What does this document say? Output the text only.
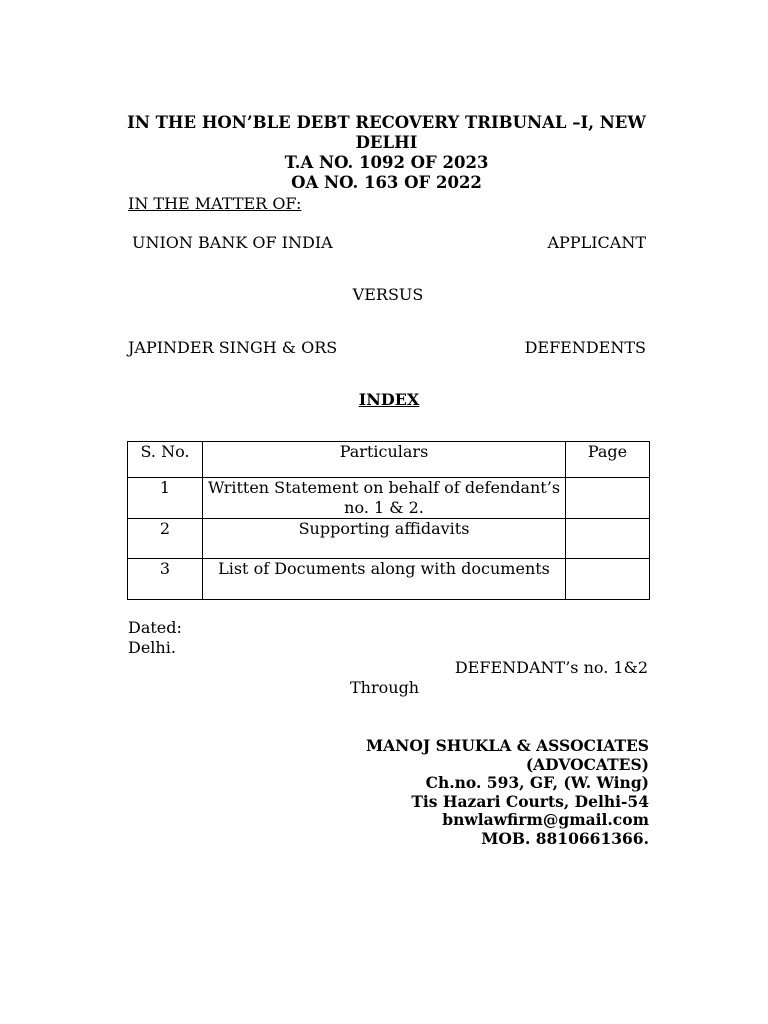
IN THE HON’BLE DEBT RECOVERY TRIBUNAL –I, NEW
DELHI
T.A NO. 1092 OF 2023
OA NO. 163 OF 2022
IN THE MATTER OF:
UNION BANK OF INDIA	APPLICANT
VERSUS
JAPINDER SINGH & ORS	DEFENDENTS
INDEX
S. No.	Particulars	Page
1	Written Statement on behalf of defendant’s no. 1 & 2.	
2	Supporting affidavits	
3	List of Documents along with documents	
Dated:
Delhi.
DEFENDANT’s no. 1&2
Through
MANOJ SHUKLA & ASSOCIATES
(ADVOCATES)
Ch.no. 593, GF, (W. Wing)
Tis Hazari Courts, Delhi-54
bnwlawfirm@gmail.com
MOB. 8810661366.
